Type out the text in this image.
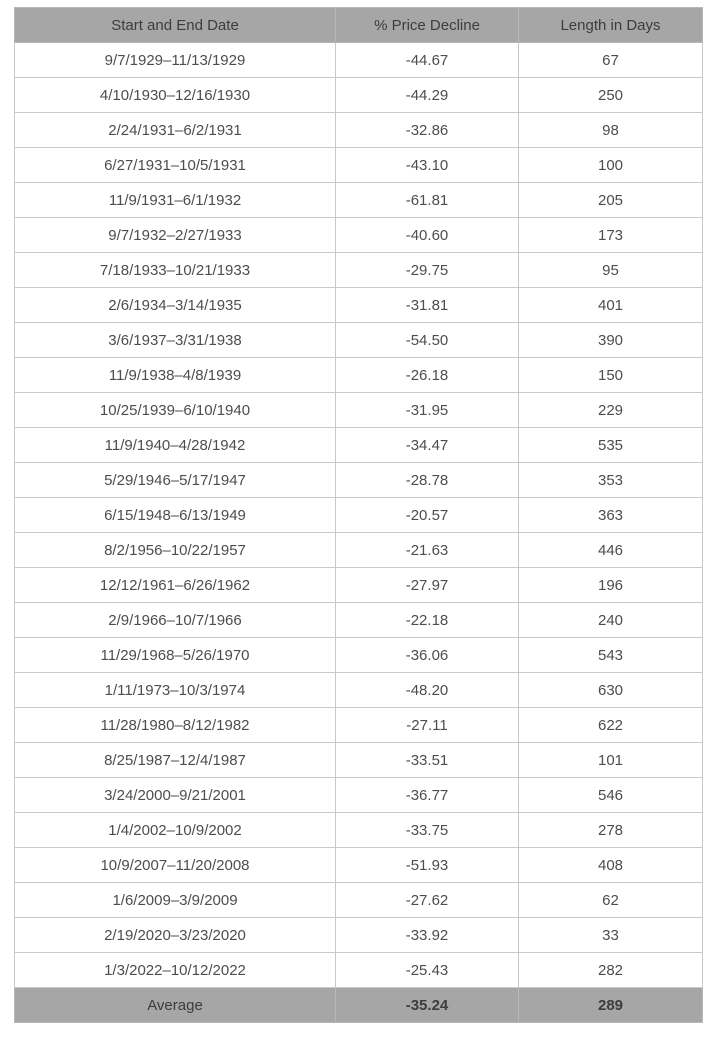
Start and End Date	% Price Decline	Length in Days
9/7/1929–11/13/1929	-44.67	67
4/10/1930–12/16/1930	-44.29	250
2/24/1931–6/2/1931	-32.86	98
6/27/1931–10/5/1931	-43.10	100
11/9/1931–6/1/1932	-61.81	205
9/7/1932–2/27/1933	-40.60	173
7/18/1933–10/21/1933	-29.75	95
2/6/1934–3/14/1935	-31.81	401
3/6/1937–3/31/1938	-54.50	390
11/9/1938–4/8/1939	-26.18	150
10/25/1939–6/10/1940	-31.95	229
11/9/1940–4/28/1942	-34.47	535
5/29/1946–5/17/1947	-28.78	353
6/15/1948–6/13/1949	-20.57	363
8/2/1956–10/22/1957	-21.63	446
12/12/1961–6/26/1962	-27.97	196
2/9/1966–10/7/1966	-22.18	240
11/29/1968–5/26/1970	-36.06	543
1/11/1973–10/3/1974	-48.20	630
11/28/1980–8/12/1982	-27.11	622
8/25/1987–12/4/1987	-33.51	101
3/24/2000–9/21/2001	-36.77	546
1/4/2002–10/9/2002	-33.75	278
10/9/2007–11/20/2008	-51.93	408
1/6/2009–3/9/2009	-27.62	62
2/19/2020–3/23/2020	-33.92	33
1/3/2022–10/12/2022	-25.43	282
Average	-35.24	289
